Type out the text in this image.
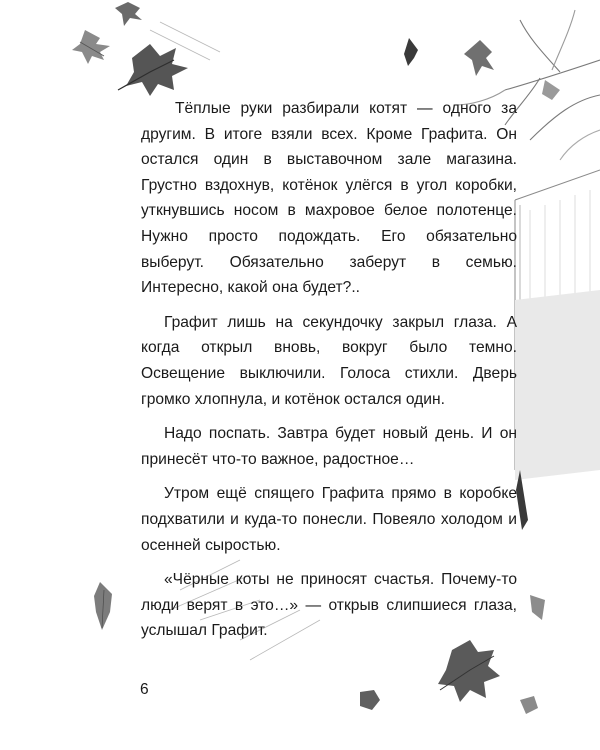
Тёплые руки разбирали котят — одного за другим. В итоге взяли всех. Кроме Графита. Он остался один в выставочном зале магазина. Грустно вздохнув, котёнок улёгся в угол коробки, уткнувшись носом в махровое белое полотенце. Нужно просто подождать. Его обязательно выберут. Обязательно заберут в семью. Интересно, какой она будет?..

Графит лишь на секундочку закрыл глаза. А когда открыл вновь, вокруг было темно. Освещение выключили. Голоса стихли. Дверь громко хлопнула, и котёнок остался один.

Надо поспать. Завтра будет новый день. И он принесёт что-то важное, радостное…

Утром ещё спящего Графита прямо в коробке подхватили и куда-то понесли. Повеяло холодом и осенней сыростью.

«Чёрные коты не приносят счастья. Почему-то люди верят в это…» — открыв слипшиеся глаза, услышал Графит.

6
